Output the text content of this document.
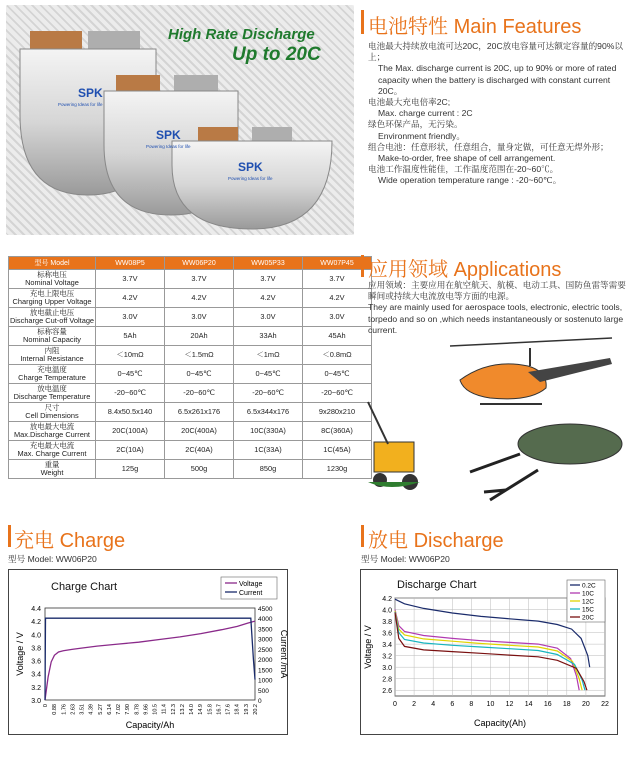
SPK
Powering Ideas for life
SPK
Powering Ideas for life
SPK
Powering Ideas for life
High Rate Discharge
Up to 20C
电池特性 Main Features

电池最大持续放电流可达20C，20C放电容量可达额定容量的90%以上；

The Max. discharge current is 20C, up to 90% or more of rated capacity when the battery is discharged with constant current 20C。

电池最大充电倍率2C;

Max. charge current : 2C

绿色环保产品，无污染。

Environment friendly。

组合电池：任意形状，任意组合，量身定做，可任意无焊外形；

Make-to-order, free shape of cell arrangement.

电池工作温度性能佳，工作温度范围在-20~60℃。

Wide operation temperature range : -20~60℃。

型号 Model	WW08P5	WW06P20	WW05P33	WW07P45

标称电压
Nominal Voltage	3.7V	3.7V	3.7V	3.7V

充电上限电压
Charging Upper Voltage	4.2V	4.2V	4.2V	4.2V

放电截止电压
Discharge Cut-off Voltage	3.0V	3.0V	3.0V	3.0V

标称容量
Nominal Capacity	5Ah	20Ah	33Ah	45Ah

内阻
Internal Resistance	＜10mΩ	＜1.5mΩ	＜1mΩ	＜0.8mΩ

充电温度
Charge Temperature	0~45℃	0~45℃	0~45℃	0~45℃

放电温度
Discharge Temperature	-20~60℃	-20~60℃	-20~60℃	-20~60℃

尺寸
Cell Dimensions	8.4x50.5x140	6.5x261x176	6.5x344x176	9x280x210

放电最大电流
Max.Discharge Current	20C(100A)	20C(400A)	10C(330A)	8C(360A)

充电最大电流
Max. Charge Current	2C(10A)	2C(40A)	1C(33A)	1C(45A)

重量
Weight	125g	500g	850g	1230g
应用领域 Applications

应用领域：主要应用在航空航天、航模、电动工具、国防鱼雷等需要瞬间或持续大电流放电等方面的电源。

They are mainly used for aerospace tools, electronic, electric tools, torpedo and so on ,which needs instantaneously or sostenuto large current.

充电 Charge
型号 Model: WW06P20
Charge Chart
3.0
3.2
3.4
3.6
3.8
4.0
4.2
4.4
0
500
1000
1500
2000
2500
3000
3500
4000
4500
0 0.88 1.76 2.63 3.51 4.39 5.27 6.14 7.02 7.90 8.78 9.66 10.5 11.4 12.3 13.2 14.0 14.9 15.8 16.7 17.6 18.4 19.3 20.2
Voltage / V	Current /mA
Capacity/Ah
Voltage
Current
放电 Discharge
型号 Model: WW06P20
Discharge Chart
2.6
2.8
3.0
3.2
3.4
3.6
3.8
4.0
4.2
0 2 4 6 8 10 12 14 16 18 20 22
Voltage / V
Capacity(Ah)
0.2C
10C
12C
15C
20C
